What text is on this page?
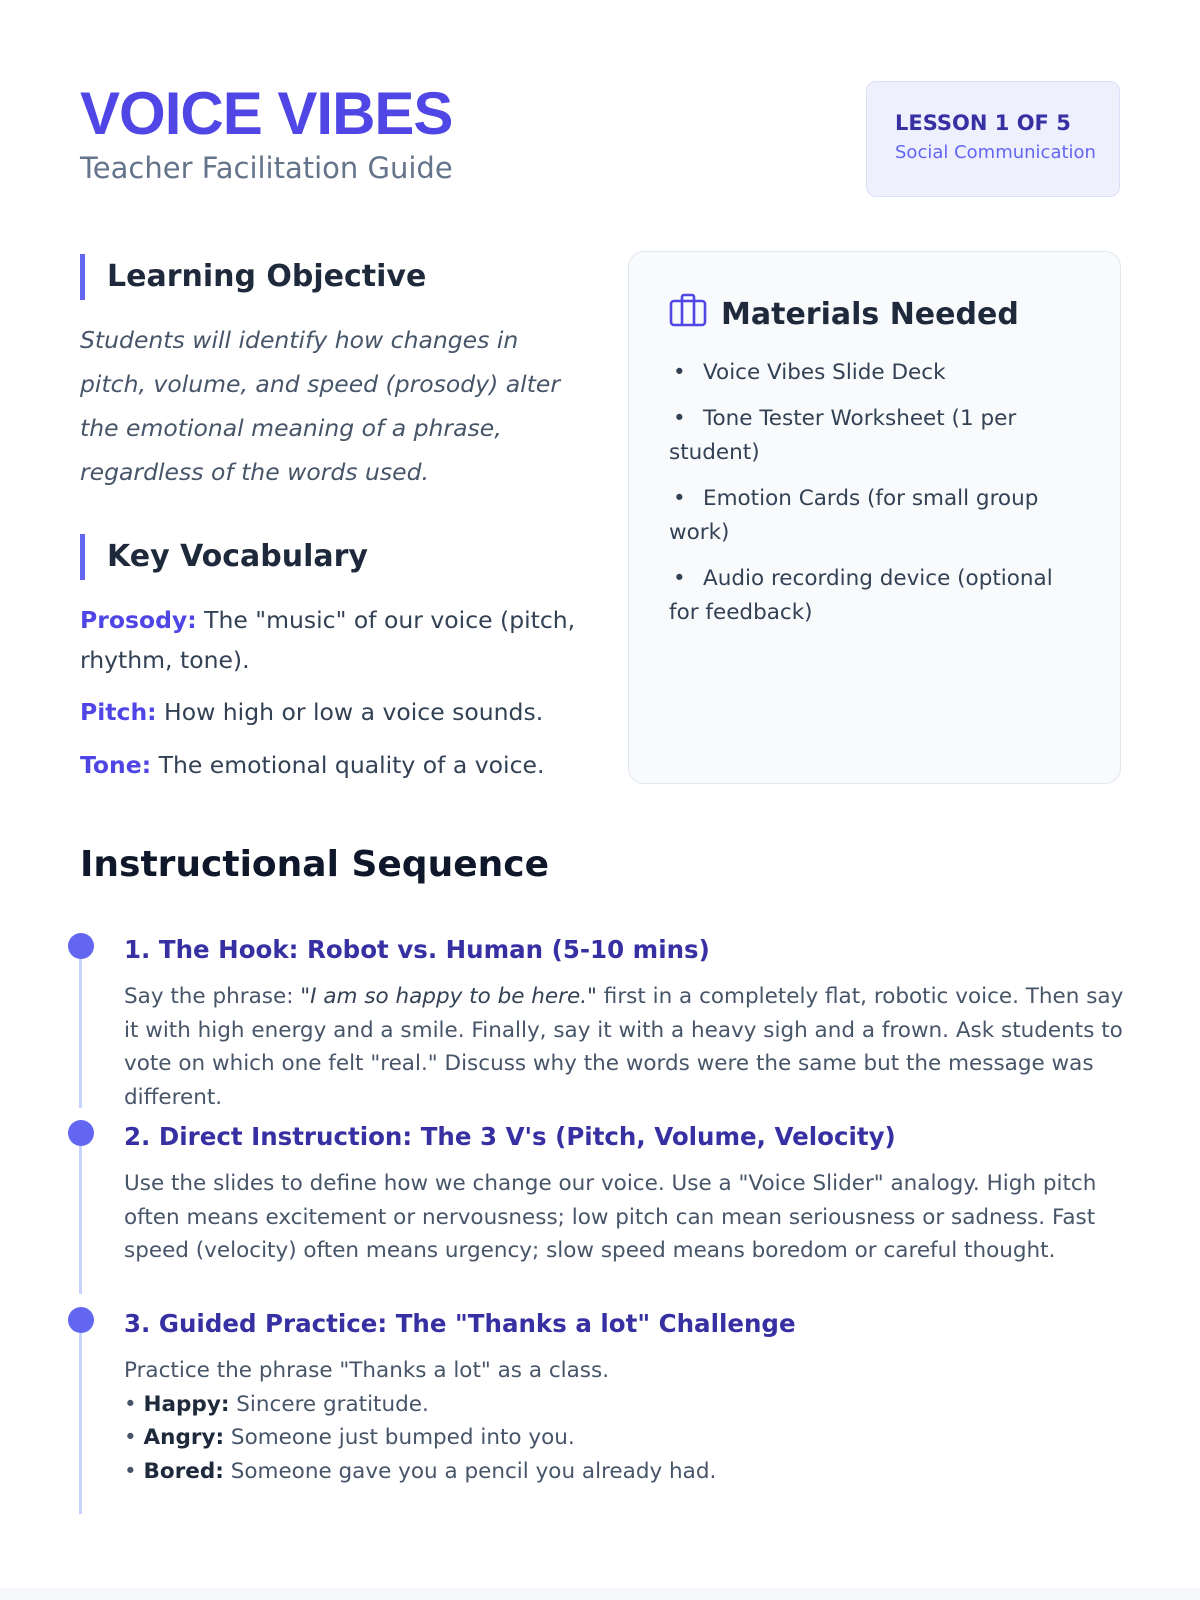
VOICE VIBES
Teacher Facilitation Guide
LESSON 1 OF 5
Social Communication
Learning Objective

Students will identify how changes in pitch, volume, and speed (prosody) alter the emotional meaning of a phrase, regardless of the words used.

Key Vocabulary
Prosody: The "music" of our voice (pitch, rhythm, tone).
Pitch: How high or low a voice sounds.
Tone: The emotional quality of a voice.
Materials Needed
• Voice Vibes Slide Deck
• Tone Tester Worksheet (1 per student)
• Emotion Cards (for small group work)
• Audio recording device (optional for feedback)
Instructional Sequence
1. The Hook: Robot vs. Human (5-10 mins)

Say the phrase: "I am so happy to be here." first in a completely flat, robotic voice. Then say it with high energy and a smile. Finally, say it with a heavy sigh and a frown. Ask students to vote on which one felt "real." Discuss why the words were the same but the message was different.

2. Direct Instruction: The 3 V's (Pitch, Volume, Velocity)

Use the slides to define how we change our voice. Use a "Voice Slider" analogy. High pitch often means excitement or nervousness; low pitch can mean seriousness or sadness. Fast speed (velocity) often means urgency; slow speed means boredom or careful thought.

3. Guided Practice: The "Thanks a lot" Challenge
Practice the phrase "Thanks a lot" as a class.
• Happy: Sincere gratitude.
• Angry: Someone just bumped into you.
• Bored: Someone gave you a pencil you already had.
